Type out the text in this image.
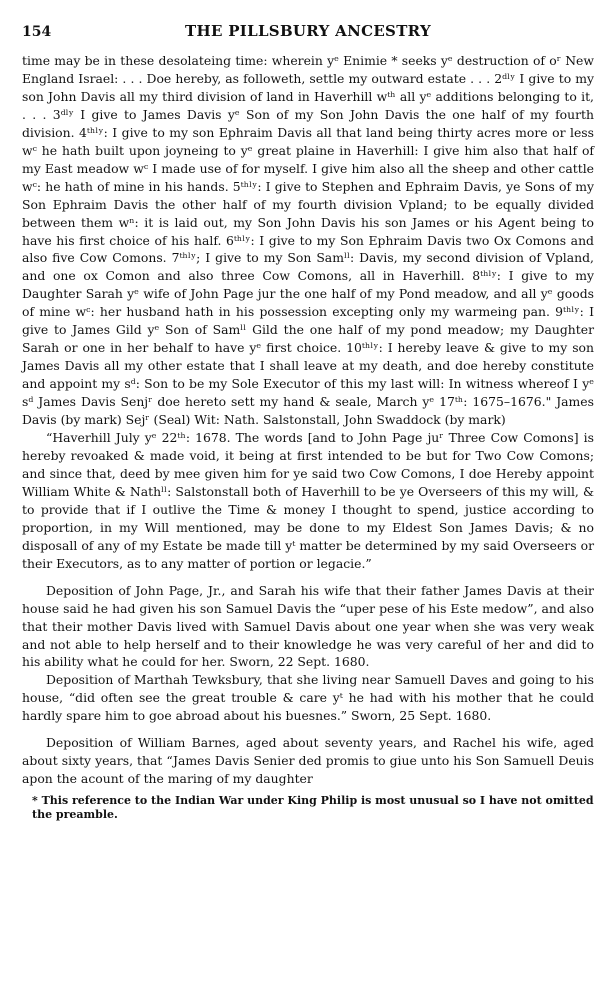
154	THE PILLSBURY ANCESTRY

time may be in these desolateing time: wherein yᵉ Enimie * seeks yᵉ destruction of oʳ New England Israel: . . . Doe hereby, as followeth, settle my outward estate . . . 2ᵈˡʸ I give to my son John Davis all my third division of land in Haverhill wᵗʰ all yᵉ additions belonging to it, . . . 3ᵈˡʸ I give to James Davis yᵉ Son of my Son John Davis the one half of my fourth division. 4ᵗʰˡʸ: I give to my son Ephraim Davis all that land being thirty acres more or less wᶜ he hath built upon joyneing to yᵉ great plaine in Haverhill: I give him also that half of my East meadow wᶜ I made use of for myself. I give him also all the sheep and other cattle wᶜ: he hath of mine in his hands. 5ᵗʰˡʸ: I give to Stephen and Ephraim Davis, ye Sons of my Son Ephraim Davis the other half of my fourth division Vpland; to be equally divided between them wⁿ: it is laid out, my Son John Davis his son James or his Agent being to have his first choice of his half. 6ᵗʰˡʸ: I give to my Son Ephraim Davis two Ox Comons and also five Cow Comons. 7ᵗʰˡʸ; I give to my Son Samˡˡ: Davis, my second division of Vpland, and one ox Comon and also three Cow Comons, all in Haverhill. 8ᵗʰˡʸ: I give to my Daughter Sarah yᵉ wife of John Page jur the one half of my Pond meadow, and all yᵉ goods of mine wᶜ: her husband hath in his possession excepting only my warmeing pan. 9ᵗʰˡʸ: I give to James Gild yᵉ Son of Samˡˡ Gild the one half of my pond meadow; my Daughter Sarah or one in her behalf to have yᵉ first choice. 10ᵗʰˡʸ: I hereby leave & give to my son James Davis all my other estate that I shall leave at my death, and doe hereby constitute and appoint my sᵈ: Son to be my Sole Executor of this my last will: In witness whereof I yᵉ sᵈ James Davis Senjʳ doe hereto sett my hand & seale, March yᵉ 17ᵗʰ: 1675–1676." James Davis (by mark) Sejʳ (Seal) Wit: Nath. Salstonstall, John Swaddock (by mark)

“Haverhill July yᵉ 22ᵗʰ: 1678. The words [and to John Page juʳ Three Cow Comons] is hereby revoaked & made void, it being at first intended to be but for Two Cow Comons; and since that, deed by mee given him for ye said two Cow Comons, I doe Hereby appoint William White & Nathˡˡ: Salstonstall both of Haverhill to be ye Overseers of this my will, & to provide that if I outlive the Time & money I thought to spend, justice according to proportion, in my Will mentioned, may be done to my Eldest Son James Davis; & no disposall of any of my Estate be made till yᵗ matter be determined by my said Overseers or their Executors, as to any matter of portion or legacie.”

Deposition of John Page, Jr., and Sarah his wife that their father James Davis at their house said he had given his son Samuel Davis the “uper pese of his Este medow”, and also that their mother Davis lived with Samuel Davis about one year when she was very weak and not able to help herself and to their knowledge he was very careful of her and did to his ability what he could for her. Sworn, 22 Sept. 1680.

Deposition of Marthah Tewksbury, that she living near Samuell Daves and going to his house, “did often see the great trouble & care yᵗ he had with his mother that he could hardly spare him to goe abroad about his buesnes.” Sworn, 25 Sept. 1680.

Deposition of William Barnes, aged about seventy years, and Rachel his wife, aged about sixty years, that “James Davis Senier ded promis to giue unto his Son Samuell Deuis apon the acount of the maring of my daughter

* This reference to the Indian War under King Philip is most unusual so I have not omitted the preamble.
